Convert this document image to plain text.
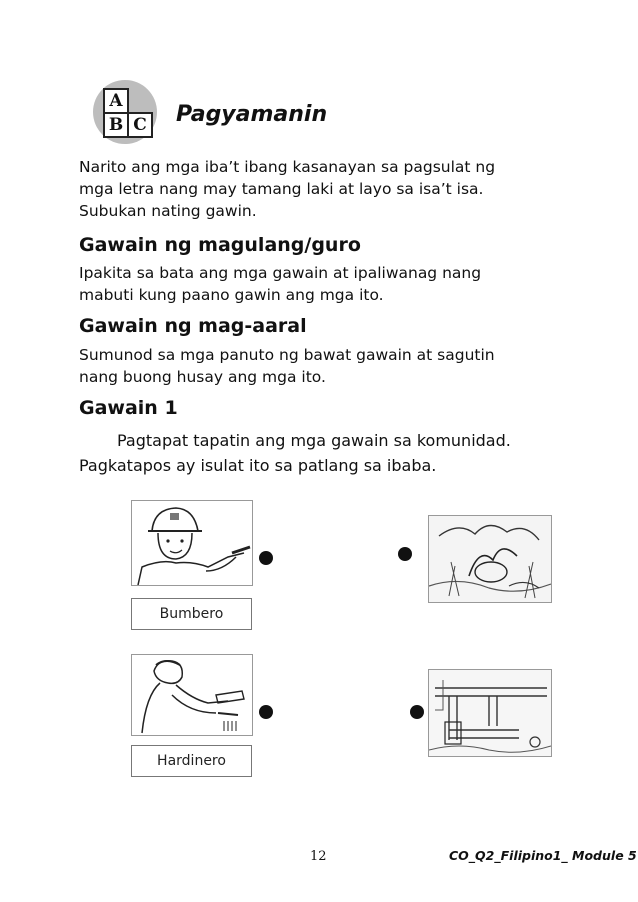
A
B C Pagyamanin
Narito ang mga iba’t ibang kasanayan sa pagsulat ng
mga letra nang may tamang laki at layo sa isa’t isa.
Subukan nating gawin.
Gawain ng magulang/guro
Ipakita sa bata ang mga gawain at ipaliwanag nang
mabuti kung paano gawin ang mga ito.
Gawain ng mag-aaral
Sumunod sa mga panuto ng bawat gawain at sagutin
nang buong husay ang mga ito.
Gawain 1
Pagtapat tapatin ang mga gawain sa komunidad.
Pagkatapos ay isulat ito sa patlang sa ibaba.
Bumbero
Hardinero
12	CO_Q2_Filipino1_ Module 5
